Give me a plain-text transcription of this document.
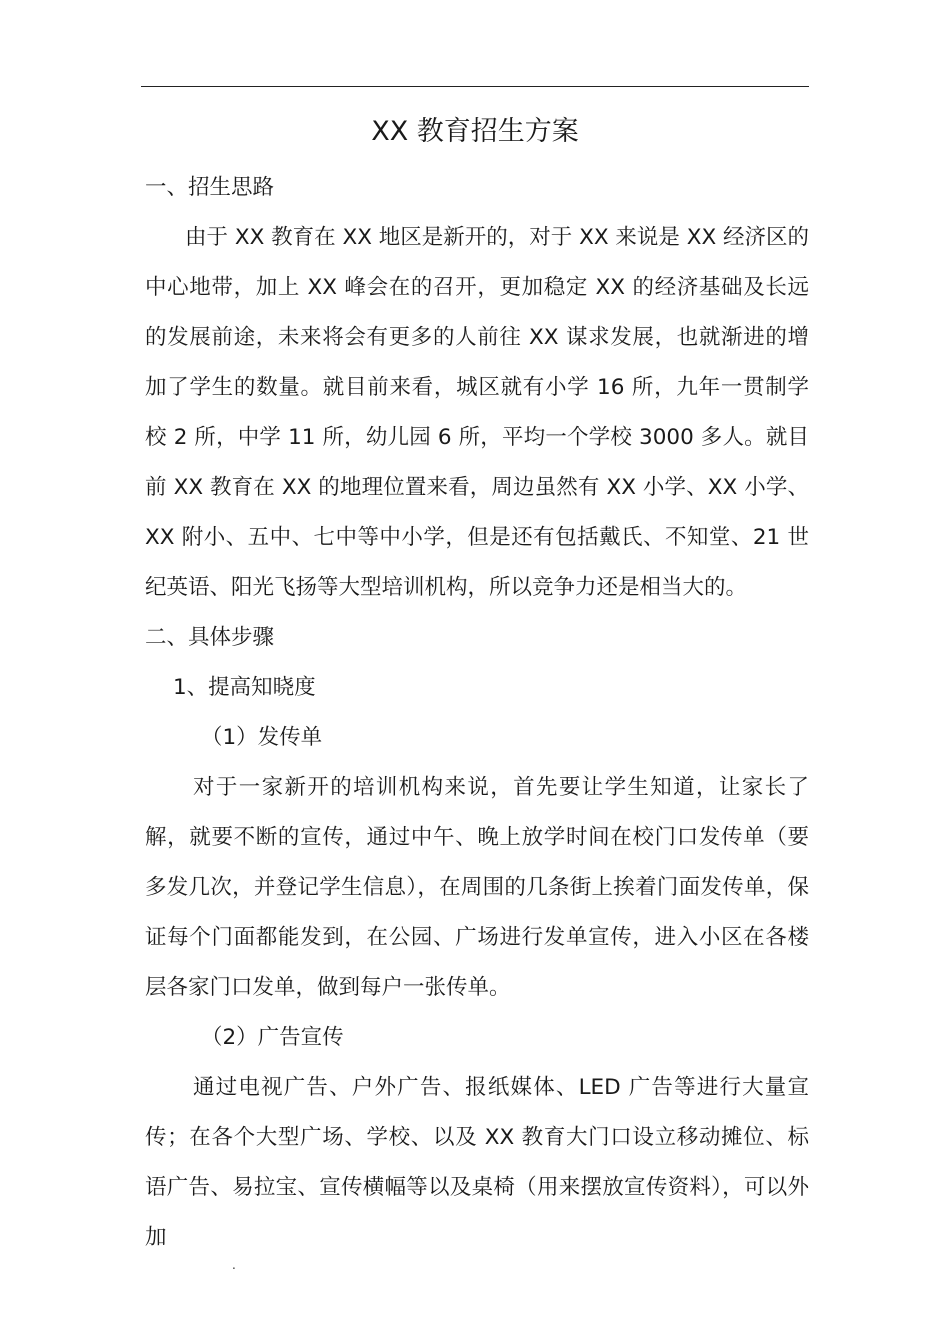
XX 教育招生方案

一、招生思路

由于 XX 教育在 XX 地区是新开的，对于 XX 来说是 XX 经济区的中心地带，加上 XX 峰会在的召开，更加稳定 XX 的经济基础及长远的发展前途，未来将会有更多的人前往 XX 谋求发展，也就渐进的增加了学生的数量。就目前来看，城区就有小学 16 所，九年一贯制学校 2 所，中学 11 所，幼儿园 6 所，平均一个学校 3000 多人。就目前 XX 教育在 XX 的地理位置来看，周边虽然有 XX 小学、XX 小学、XX 附小、五中、七中等中小学，但是还有包括戴氏、不知堂、21 世纪英语、阳光飞扬等大型培训机构，所以竞争力还是相当大的。

二、具体步骤

1、提高知晓度

（1）发传单

对于一家新开的培训机构来说，首先要让学生知道，让家长了解，就要不断的宣传，通过中午、晚上放学时间在校门口发传单（要多发几次，并登记学生信息），在周围的几条街上挨着门面发传单，保证每个门面都能发到，在公园、广场进行发单宣传，进入小区在各楼层各家门口发单，做到每户一张传单。

（2）广告宣传

通过电视广告、户外广告、报纸媒体、LED 广告等进行大量宣传；在各个大型广场、学校、以及 XX 教育大门口设立移动摊位、标语广告、易拉宝、宣传横幅等以及桌椅（用来摆放宣传资料），可以外加

.
